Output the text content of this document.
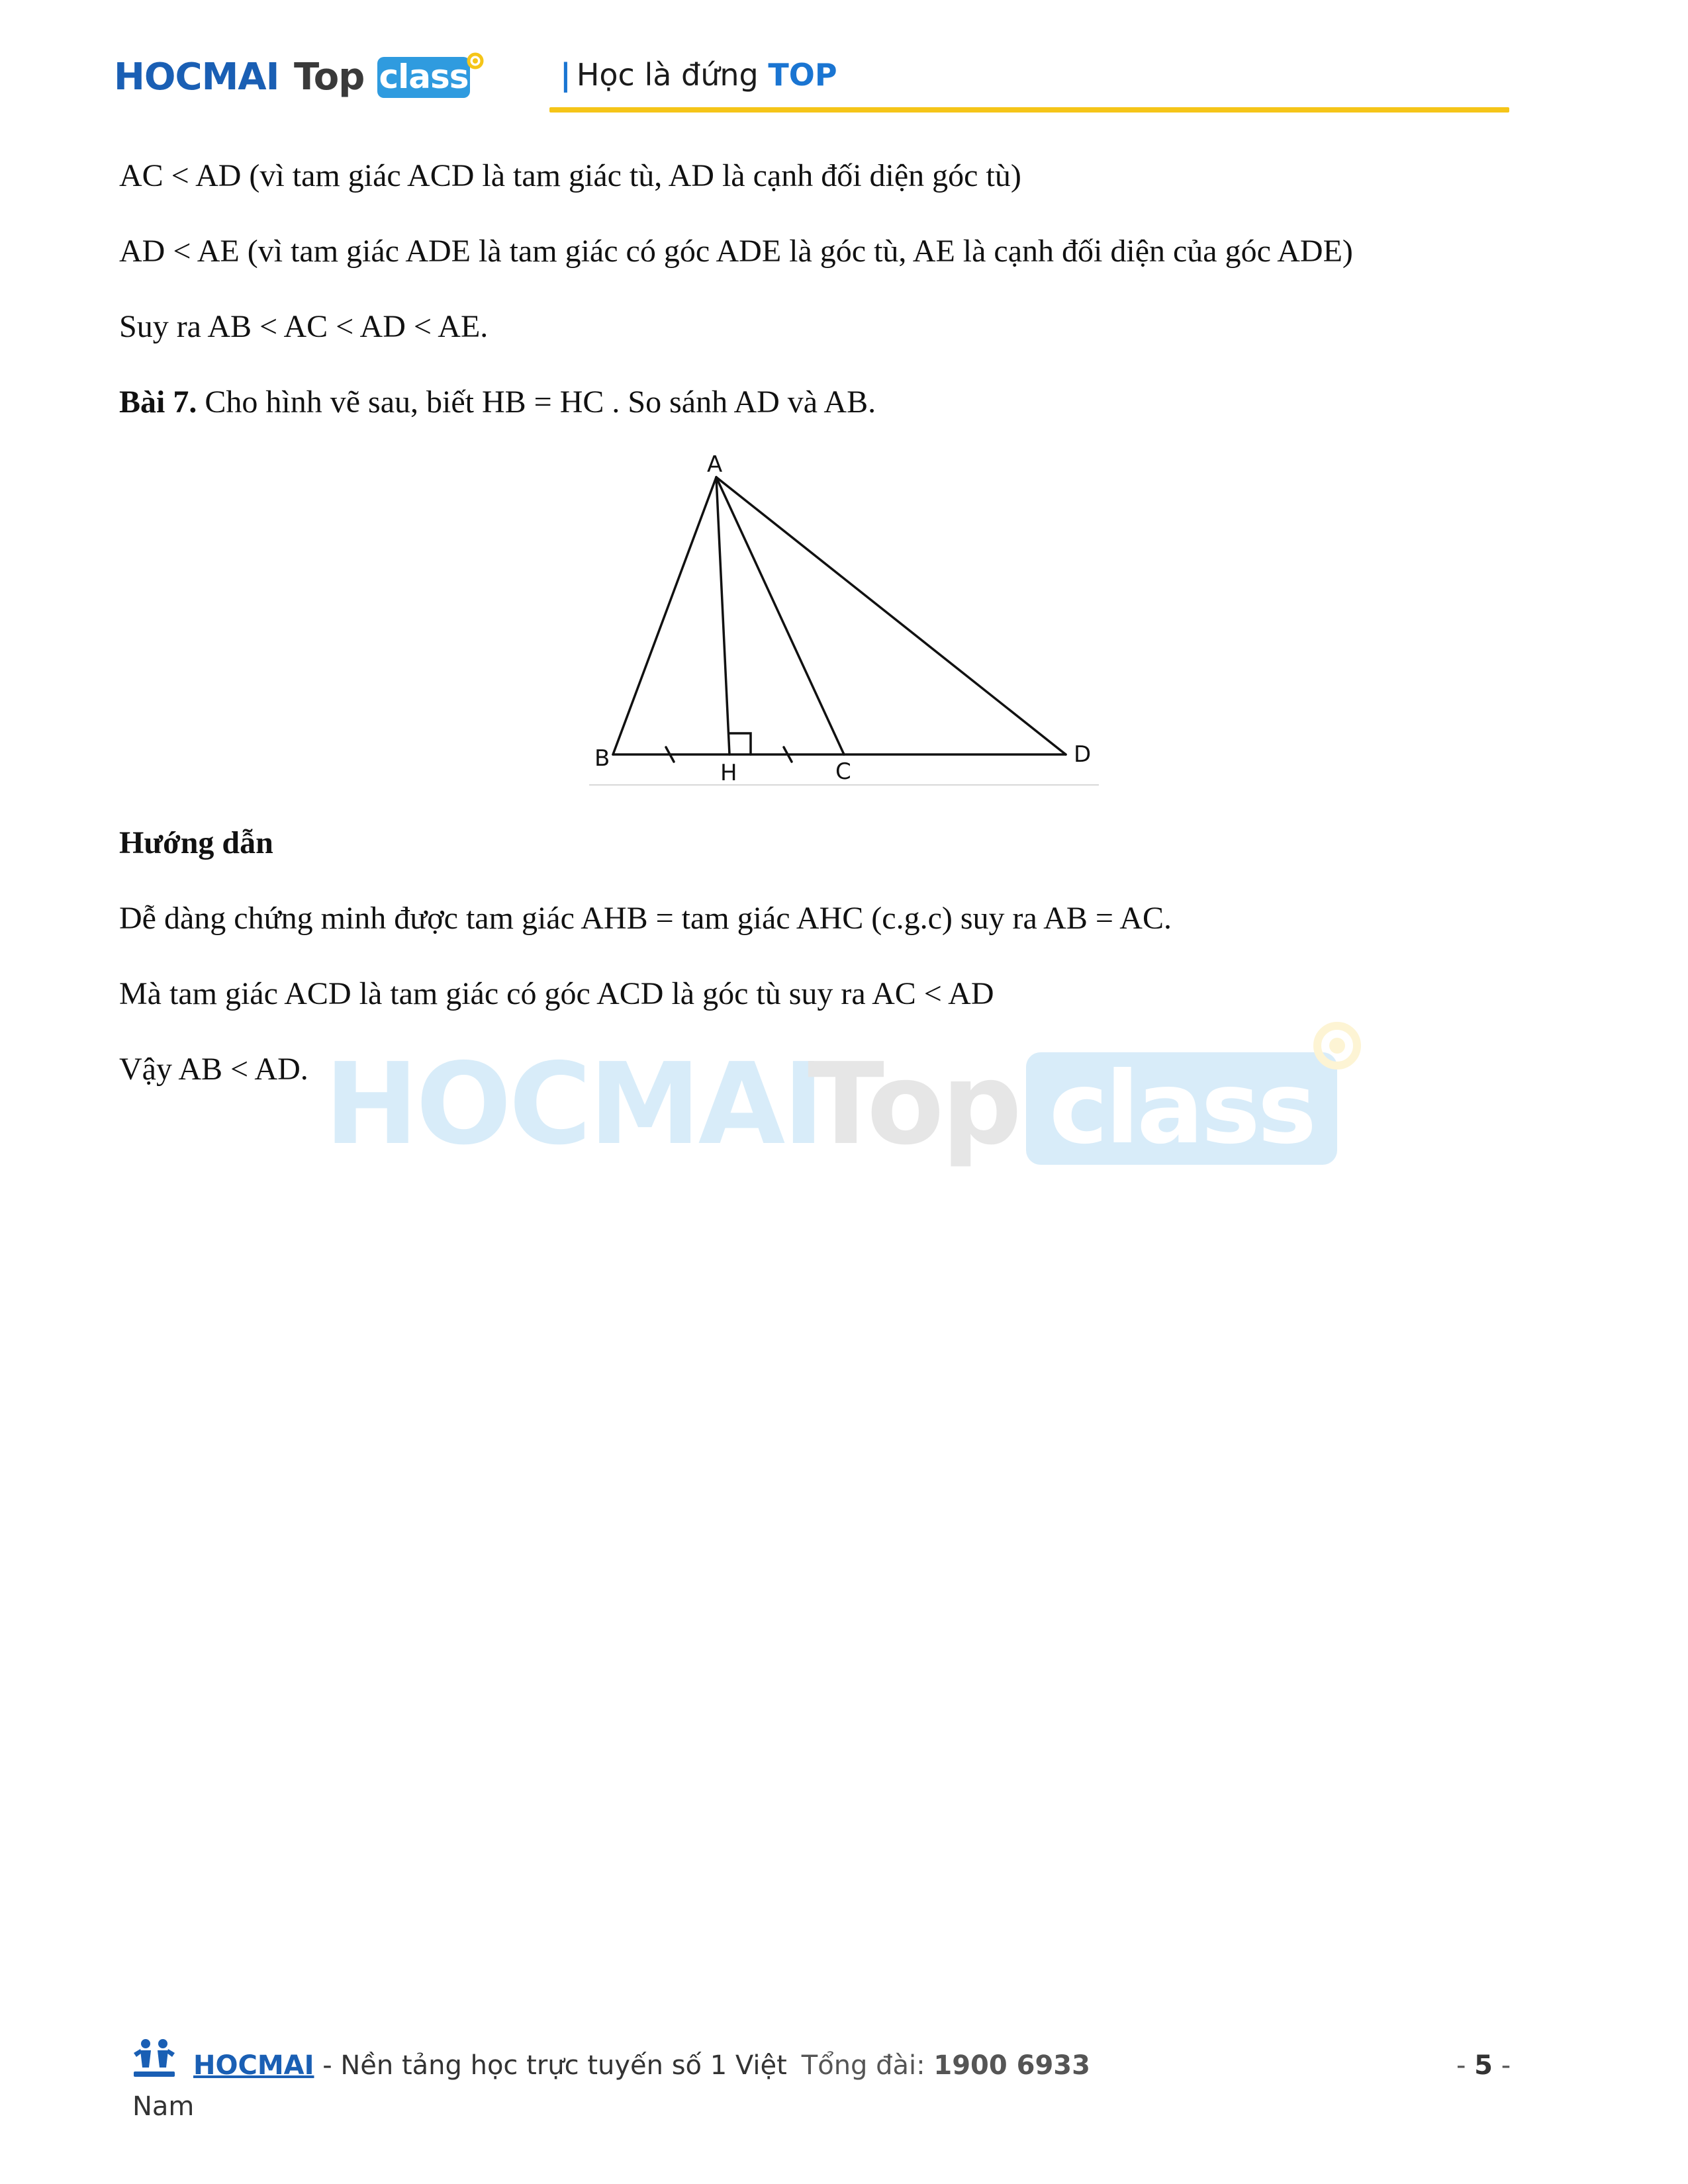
HOCMAI Top class	| Học là đứng TOP
AC < AD (vì tam giác ACD là tam giác tù, AD là cạnh đối diện góc tù)
AD < AE (vì tam giác ADE là tam giác có góc ADE là góc tù, AE là cạnh đối diện của góc ADE)
Suy ra AB < AC < AD < AE.
Bài 7. Cho hình vẽ sau, biết HB = HC . So sánh AD và AB.
A
B
H	C
D
Hướng dẫn
Dễ dàng chứng minh được tam giác AHB = tam giác AHC (c.g.c) suy ra AB = AC.
Mà tam giác ACD là tam giác có góc ACD là góc tù suy ra AC < AD
Vậy AB < AD. HOCMAI
Top class
HOCMAI - Nền tảng học trực tuyến số 1 Việt Tổng đài: 1900 6933
Nam
- 5 -
